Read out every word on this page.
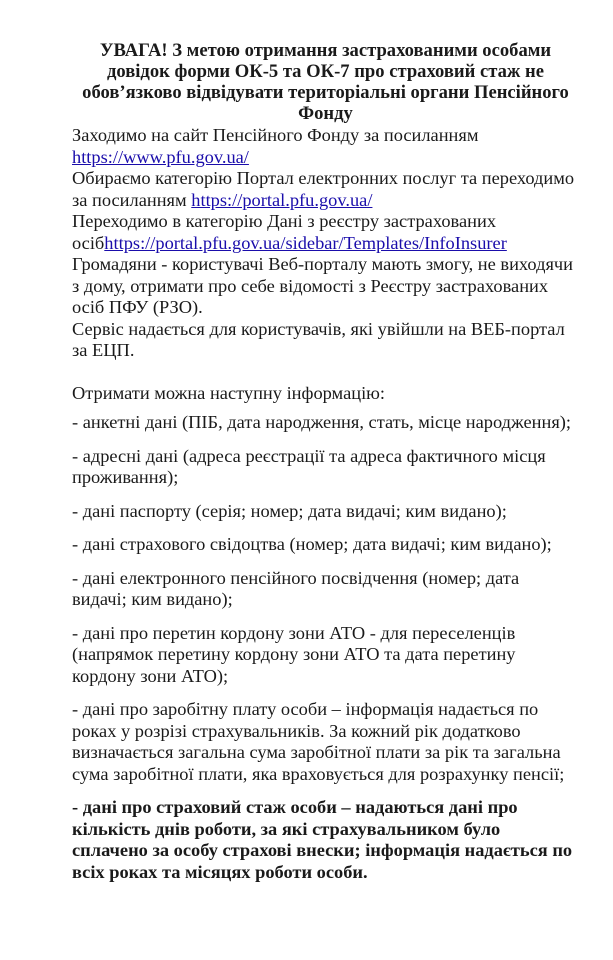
УВАГА! З метою отримання застрахованими особами довідок форми ОК-5 та ОК-7 про страховий стаж не обов’язково відвідувати територіальні органи Пенсійного Фонду

Заходимо на сайт Пенсійного Фонду за посиланням https://www.pfu.gov.ua/

Обираємо категорію Портал електронних послуг та переходимо за посиланням https://portal.pfu.gov.ua/

Переходимо в категорію Дані з реєстру застрахованих осібhttps://portal.pfu.gov.ua/sidebar/Templates/InfoInsurer

Громадяни - користувачі Веб-порталу мають змогу, не виходячи з дому, отримати про себе відомості з Реєстру застрахованих осіб ПФУ (РЗО).

Сервіс надається для користувачів, які увійшли на ВЕБ-портал за ЕЦП.

Отримати можна наступну інформацію:

- анкетні дані (ПІБ, дата народження, стать, місце народження);

- адресні дані (адреса реєстрації та адреса фактичного місця проживання);

- дані паспорту (серія; номер; дата видачі; ким видано);

- дані страхового свідоцтва (номер; дата видачі; ким видано);

- дані електронного пенсійного посвідчення (номер; дата видачі; ким видано);

- дані про перетин кордону зони АТО - для переселенців (напрямок перетину кордону зони АТО та дата перетину кордону зони АТО);

- дані про заробітну плату особи – інформація надається по роках у розрізі страхувальників. За кожний рік додатково визначається загальна сума заробітної плати за рік та загальна сума заробітної плати, яка враховується для розрахунку пенсії;

- дані про страховий стаж особи – надаються дані про кількість днів роботи, за які страхувальником було сплачено за особу страхові внески; інформація надається по всіх роках та місяцях роботи особи.
